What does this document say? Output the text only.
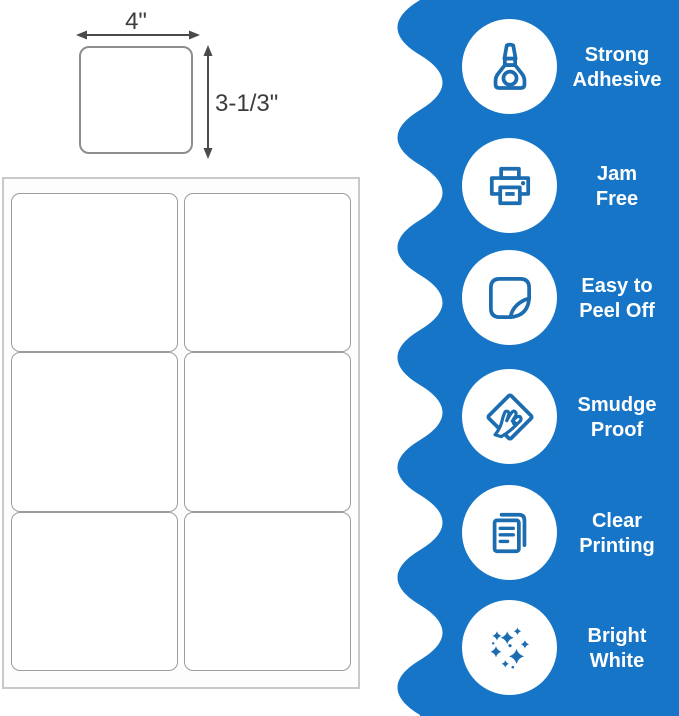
4"
3-1/3"
Strong
Adhesive
Jam
Free
Easy to
Peel Off
Smudge
Proof
Clear
Printing
Bright
White
